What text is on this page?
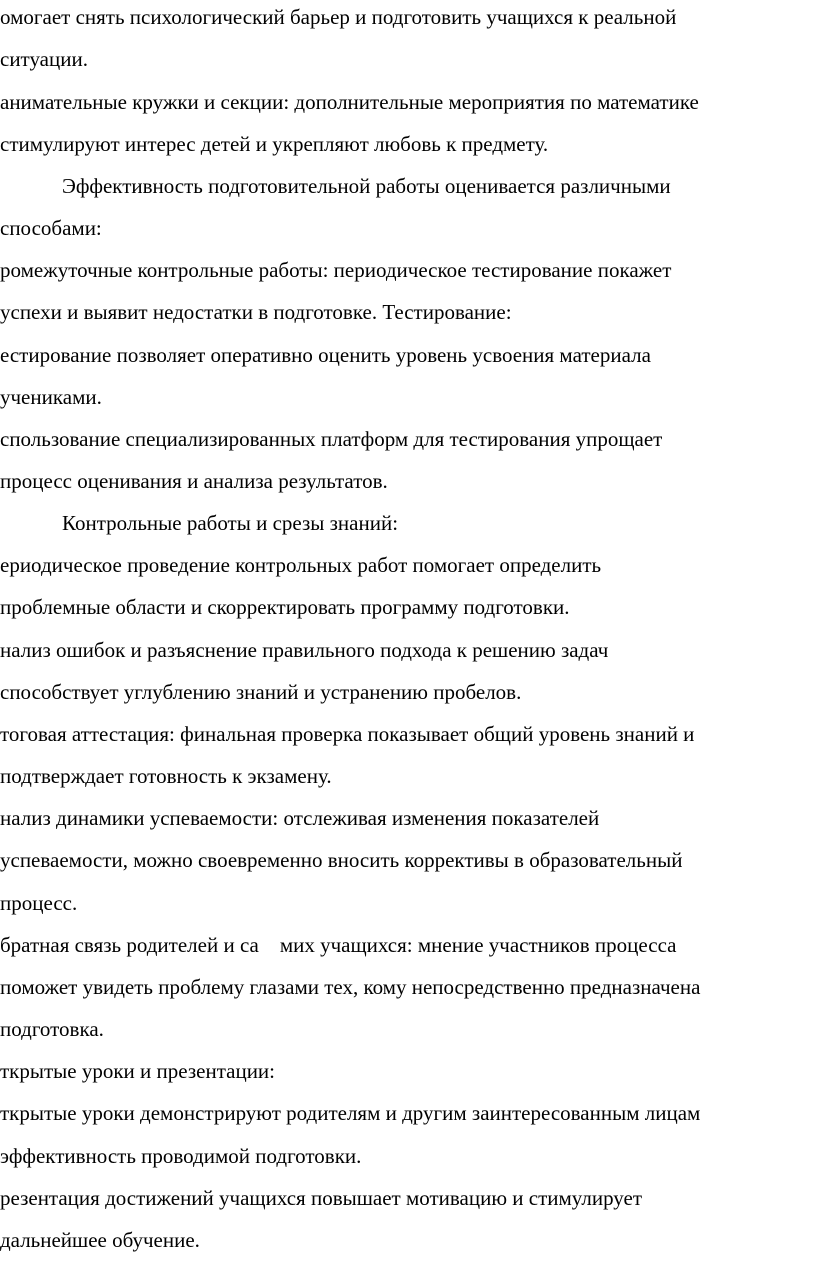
омогает снять психологический барьер и подготовить учащихся к реальной
ситуации.
анимательные кружки и секции: дополнительные мероприятия по математике
стимулируют интерес детей и укрепляют любовь к предмету.
Эффективность подготовительной работы оценивается различными
способами:
ромежуточные контрольные работы: периодическое тестирование покажет
успехи и выявит недостатки в подготовке. Тестирование:
естирование позволяет оперативно оценить уровень усвоения материала
учениками.
спользование специализированных платформ для тестирования упрощает
процесс оценивания и анализа результатов.
Контрольные работы и срезы знаний:
ериодическое проведение контрольных работ помогает определить
проблемные области и скорректировать программу подготовки.
нализ ошибок и разъяснение правильного подхода к решению задач
способствует углублению знаний и устранению пробелов.
тоговая аттестация: финальная проверка показывает общий уровень знаний и
подтверждает готовность к экзамену.
нализ динамики успеваемости: отслеживая изменения показателей
успеваемости, можно своевременно вносить коррективы в образовательный
процесс.
братная связь родителей и са    мих учащихся: мнение участников процесса
поможет увидеть проблему глазами тех, кому непосредственно предназначена
подготовка.
ткрытые уроки и презентации:
ткрытые уроки демонстрируют родителям и другим заинтересованным лицам
эффективность проводимой подготовки.
резентация достижений учащихся повышает мотивацию и стимулирует
дальнейшее обучение.
